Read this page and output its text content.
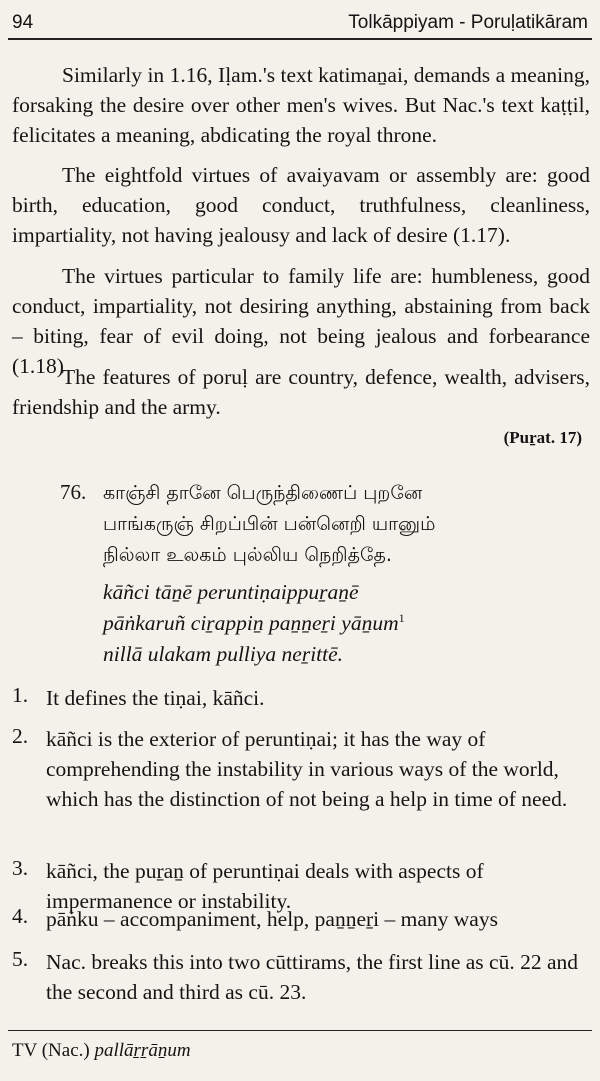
94	Tolkāppiyam - Poruḷatikāram

Similarly in 1.16, Iḷam.'s text katimaṉai, demands a meaning, forsaking the desire over other men's wives. But Nac.'s text kaṭṭil, felicitates a meaning, abdicating the royal throne.

The eightfold virtues of avaiyavam or assembly are: good birth, education, good conduct, truthfulness, cleanliness, impartiality, not having jealousy and lack of desire (1.17).

The virtues particular to family life are: humbleness, good conduct, impartiality, not desiring anything, abstaining from back – biting, fear of evil doing, not being jealous and forbearance (1.18)

The features of poruḷ are country, defence, wealth, advisers, friendship and the army.

(Puṟat. 17)
76. காஞ்சி தானே பெருந்திணைப் புறனே
பாங்கருஞ் சிறப்பின் பன்னெறி யானும்
நில்லா உலகம் புல்லிய நெறித்தே.
kāñci tāṉē peruntiṇaippuṟaṉē
pāṅkaruñ ciṟappiṉ paṉṉeṟi yāṉum$^1$
nillā ulakam pulliya neṟittē.
1. It defines the tiṇai, kāñci.
2. kāñci is the exterior of peruntiṇai; it has the way of comprehending the instability in various ways of the world, which has the distinction of not being a help in time of need.
3. kāñci, the puṟaṉ of peruntiṇai deals with aspects of impermanence or instability.
4. pāṅku – accompaniment, help, paṉṉeṟi – many ways
5. Nac. breaks this into two cūttirams, the first line as cū. 22 and the second and third as cū. 23.
TV (Nac.) pallāṟṟāṉum
